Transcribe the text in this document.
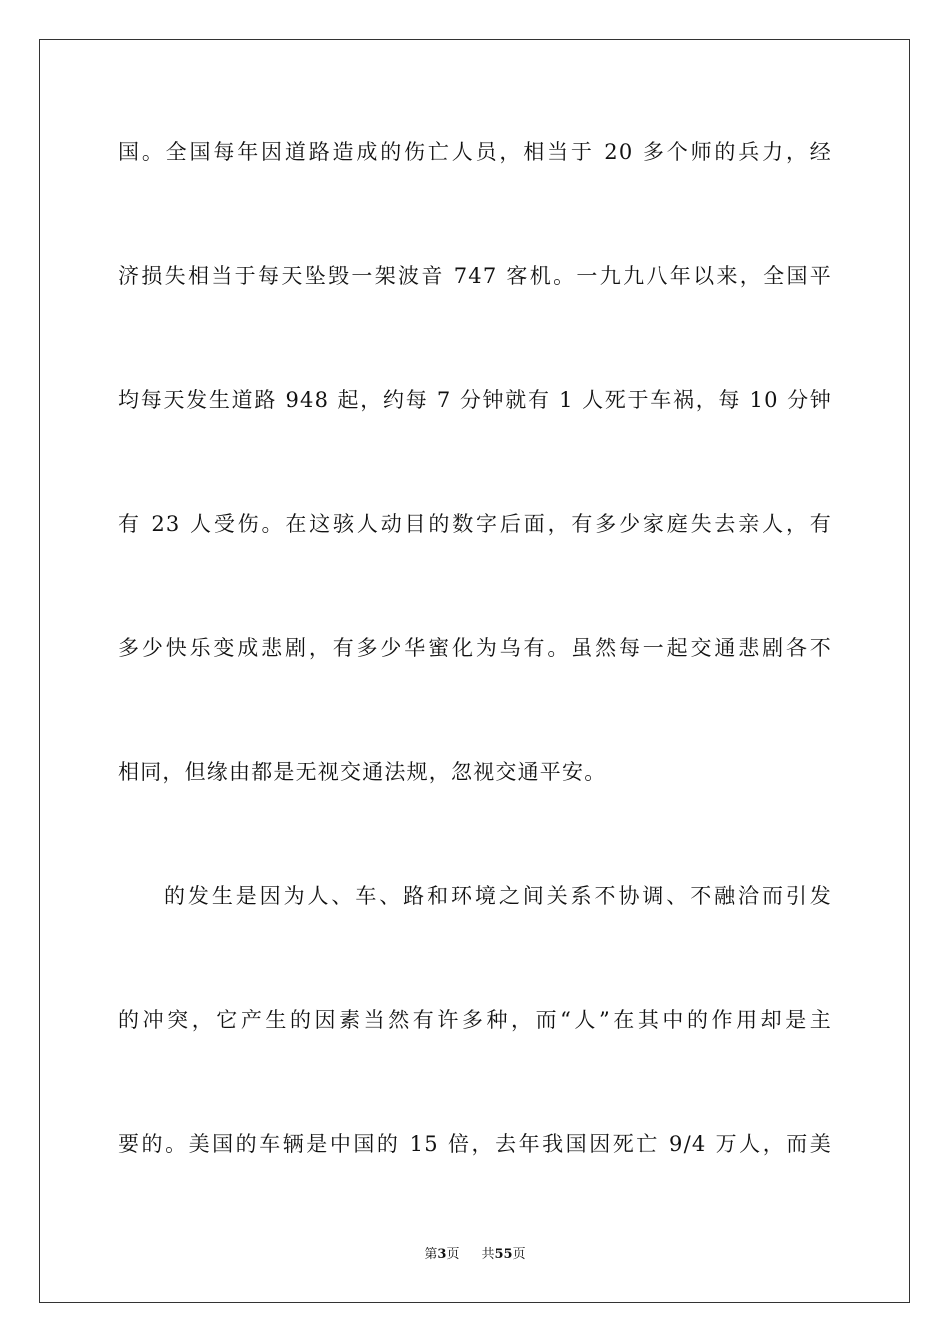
国。全国每年因道路造成的伤亡人员，相当于 20 多个师的兵力，经
济损失相当于每天坠毁一架波音 747 客机。一九九八年以来，全国平
均每天发生道路 948 起，约每 7 分钟就有 1 人死于车祸，每 10 分钟
有 23 人受伤。在这骇人动目的数字后面，有多少家庭失去亲人，有
多少快乐变成悲剧，有多少华蜜化为乌有。虽然每一起交通悲剧各不
相同，但缘由都是无视交通法规，忽视交通平安。
的发生是因为人、车、路和环境之间关系不协调、不融洽而引发
的冲突，它产生的因素当然有许多种，而“人”在其中的作用却是主
要的。美国的车辆是中国的 15 倍，去年我国因死亡 9/4 万人，而美
第3页 共55页
